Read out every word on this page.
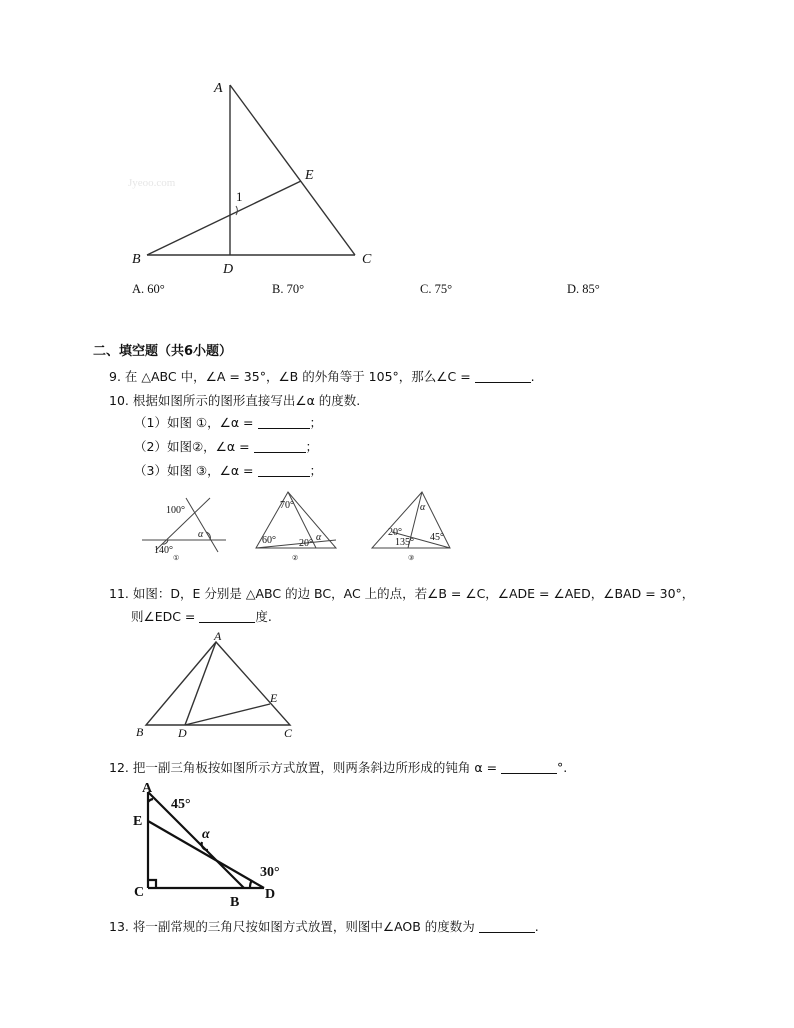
Jyeoo.com
A
B	C
D
E
1
A. 60°	B. 70°	C. 75°	D. 85°
二、填空题（共6小题）
9. 在 △ABC 中，∠A = 35°，∠B 的外角等于 105°，那么∠C =	.
10. 根据如图所示的图形直接写出∠α 的度数.
（1）如图 ①，∠α =	；
（2）如图②，∠α =	；
（3）如图 ③，∠α =	；
100°
140°
α
①
70°
60° 20°
α
②
α
20°
135° 45°
③
11. 如图：D，E 分别是 △ABC 的边 BC，AC 上的点，若∠B = ∠C，∠ADE = ∠AED，∠BAD = 30°，
则∠EDC =	度.
A
B	C
D
E
12. 把一副三角板按如图所示方式放置，则两条斜边所形成的钝角 α =	°.
A
E
C
B
D
45°
30°
α
13. 将一副常规的三角尺按如图方式放置，则图中∠AOB 的度数为	.
